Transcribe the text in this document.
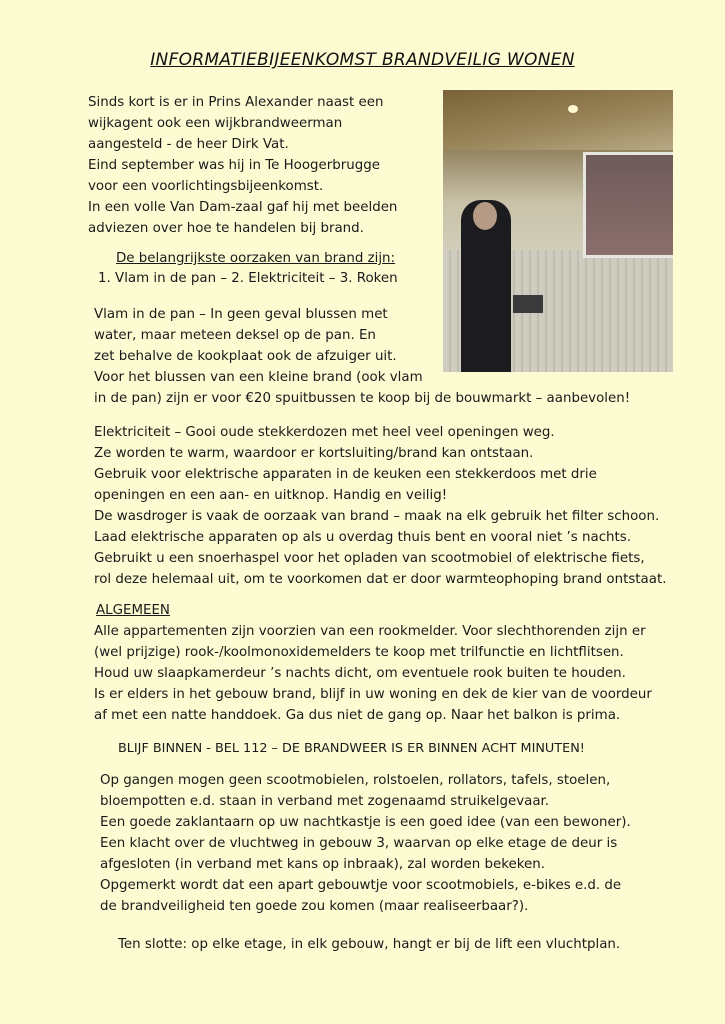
INFORMATIEBIJEENKOMST BRANDVEILIG WONEN
Sinds kort is er in Prins Alexander naast een
wijkagent ook een wijkbrandweerman
aangesteld - de heer Dirk Vat.
Eind september was hij in Te Hoogerbrugge
voor een voorlichtingsbijeenkomst.
In een volle Van Dam-zaal gaf hij met beelden
adviezen over hoe te handelen bij brand.
De belangrijkste oorzaken van brand zijn:
1. Vlam in de pan – 2. Elektriciteit – 3. Roken
Vlam in de pan – In geen geval blussen met
water, maar meteen deksel op de pan. En
zet behalve de kookplaat ook de afzuiger uit.
Voor het blussen van een kleine brand (ook vlam
in de pan) zijn er voor €20 spuitbussen te koop bij de bouwmarkt – aanbevolen!
Elektriciteit – Gooi oude stekkerdozen met heel veel openingen weg.
Ze worden te warm, waardoor er kortsluiting/brand kan ontstaan.
Gebruik voor elektrische apparaten in de keuken een stekkerdoos met drie
openingen en een aan- en uitknop. Handig en veilig!
De wasdroger is vaak de oorzaak van brand – maak na elk gebruik het filter schoon.
Laad elektrische apparaten op als u overdag thuis bent en vooral niet ’s nachts.
Gebruikt u een snoerhaspel voor het opladen van scootmobiel of elektrische fiets,
rol deze helemaal uit, om te voorkomen dat er door warmteophoping brand ontstaat.
ALGEMEEN
Alle appartementen zijn voorzien van een rookmelder. Voor slechthorenden zijn er
(wel prijzige) rook-/koolmonoxidemelders te koop met trilfunctie en lichtflitsen.
Houd uw slaapkamerdeur ’s nachts dicht, om eventuele rook buiten te houden.
Is er elders in het gebouw brand, blijf in uw woning en dek de kier van de voordeur
af met een natte handdoek. Ga dus niet de gang op. Naar het balkon is prima.
BLIJF BINNEN - BEL 112 – DE BRANDWEER IS ER BINNEN ACHT MINUTEN!
Op gangen mogen geen scootmobielen, rolstoelen, rollators, tafels, stoelen,
bloempotten e.d. staan in verband met zogenaamd struikelgevaar.
Een goede zaklantaarn op uw nachtkastje is een goed idee (van een bewoner).
Een klacht over de vluchtweg in gebouw 3, waarvan op elke etage de deur is
afgesloten (in verband met kans op inbraak), zal worden bekeken.
Opgemerkt wordt dat een apart gebouwtje voor scootmobiels, e-bikes e.d. de
de brandveiligheid ten goede zou komen (maar realiseerbaar?).
Ten slotte: op elke etage, in elk gebouw, hangt er bij de lift een vluchtplan.
